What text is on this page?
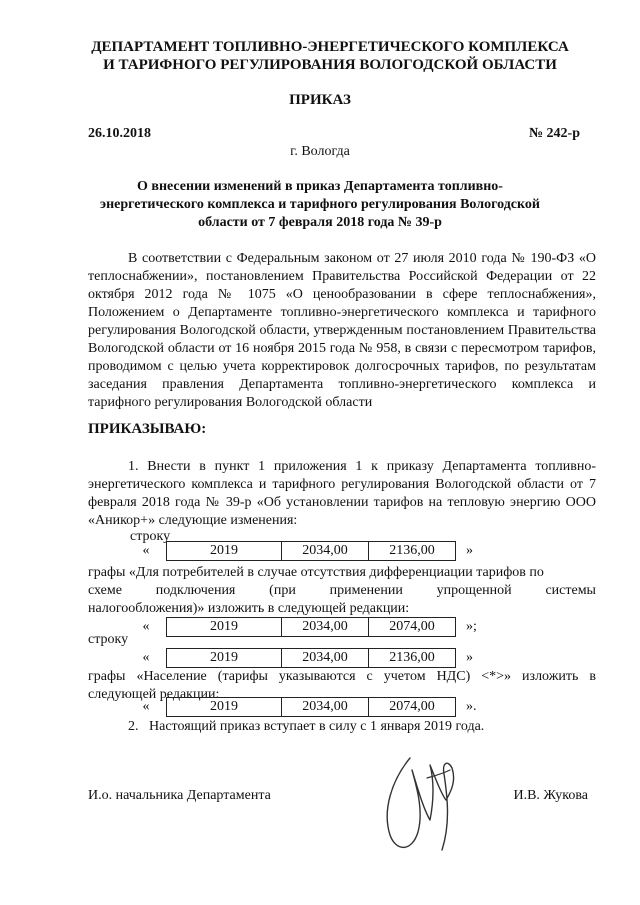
ДЕПАРТАМЕНТ ТОПЛИВНО-ЭНЕРГЕТИЧЕСКОГО КОМПЛЕКСА
И ТАРИФНОГО РЕГУЛИРОВАНИЯ ВОЛОГОДСКОЙ ОБЛАСТИ
ПРИКАЗ
26.10.2018	№ 242-р
г. Вологда
О внесении изменений в приказ Департамента топливно-
энергетического комплекса и тарифного регулирования Вологодской
области от 7 февраля 2018 года № 39-р
В соответствии с Федеральным законом от 27 июля 2010 года № 190-ФЗ «О теплоснабжении», постановлением Правительства Российской Федерации от 22 октября 2012 года № 1075 «О ценообразовании в сфере теплоснабжения», Положением о Департаменте топливно-энергетического комплекса и тарифного регулирования Вологодской области, утвержденным постановлением Правительства Вологодской области от 16 ноября 2015 года № 958, в связи с пересмотром тарифов, проводимом с целью учета корректировок долгосрочных тарифов, по результатам заседания правления Департамента топливно-энергетического комплекса и тарифного регулирования Вологодской области
ПРИКАЗЫВАЮ:
1. Внести в пункт 1 приложения 1 к приказу Департамента топливно-энергетического комплекса и тарифного регулирования Вологодской области от 7 февраля 2018 года № 39-р «Об установлении тарифов на тепловую энергию ООО «Аникор+» следующие изменения:
строку
«	2019	2034,00	2136,00	»
графы «Для потребителей в случае отсутствия дифференциации тарифов по
схеме подключения (при применении упрощенной системы
налогообложения)» изложить в следующей редакции:
«	2019	2034,00	2074,00	»;
строку
«	2019	2034,00	2136,00	»
графы «Население (тарифы указываются с учетом НДС) <*>» изложить в следующей редакции:
«	2019	2034,00	2074,00	».
2.   Настоящий приказ вступает в силу с 1 января 2019 года.
И.о. начальника Департамента	И.В. Жукова
